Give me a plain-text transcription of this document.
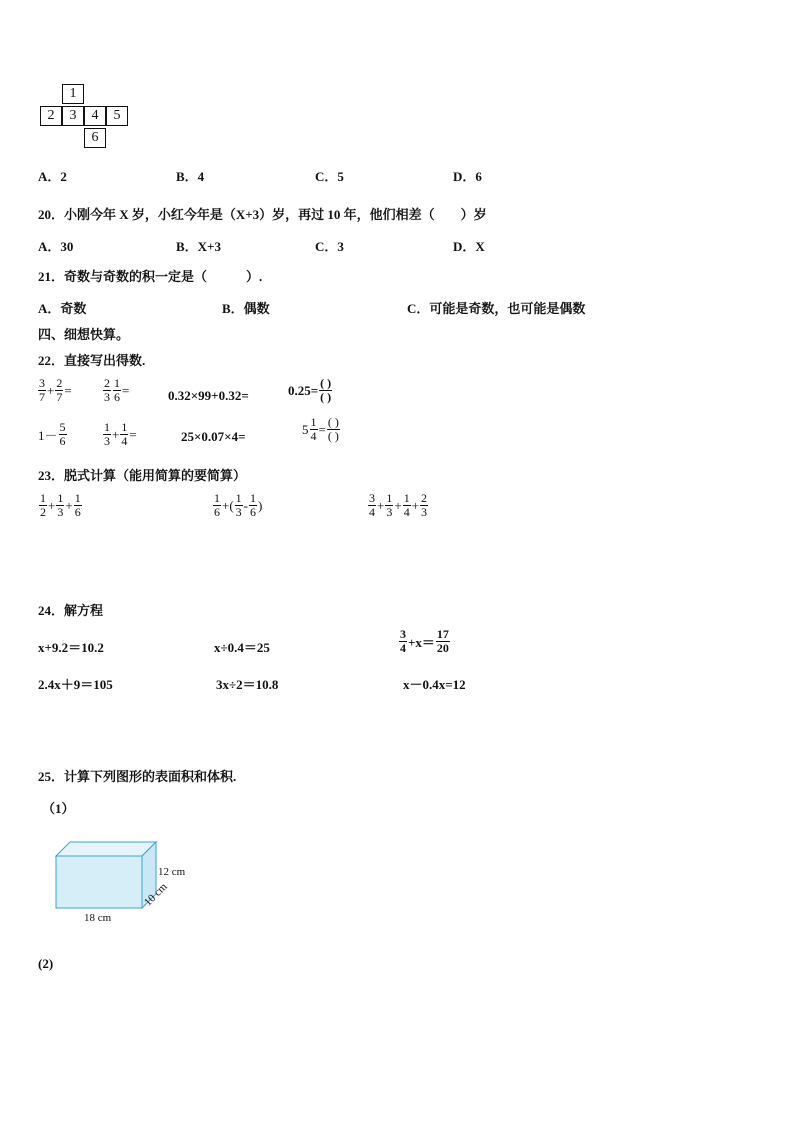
1
2	3	4	5
6
A．2	B．4	C．5	D．6
20．小刚今年 X 岁，小红今年是（X+3）岁，再过 10 年，他们相差（　　）岁
A．30	B．X+3	C．3	D．X
21．奇数与奇数的积一定是（　　　）.
A．奇数	B．偶数	C．可能是奇数，也可能是偶数
四、细想快算。
22．直接写出得数.
$\frac{3}{7} + \frac{2}{7}$ =	$\frac{2}{3} \frac{1}{6}$ =	0.32×99+0.32=	$0.25= \frac{( )}{( )}$
$1- \frac{5}{6}$	$\frac{1}{3} + \frac{1}{4}$ =	25×0.07×4=	$5 \frac{1}{4} = \frac{( )}{( )}$
23．脱式计算（能用简算的要简算）
$\frac{1}{2} + \frac{1}{3} + \frac{1}{6}$	$\frac{1}{6}$ +( $\frac{1}{3} - \frac{1}{6}$ )	$\frac{3}{4} + \frac{1}{3} + \frac{1}{4} + \frac{2}{3}$
24．解方程
x+9.2＝10.2	x÷0.4＝25	$\frac{3}{4} +x= \frac{17}{20}$
2.4x＋9＝105	3x÷2＝10.8	x－0.4x=12
25．计算下列图形的表面积和体积.
（1）
12 cm
18 cm
10 cm
(2)
